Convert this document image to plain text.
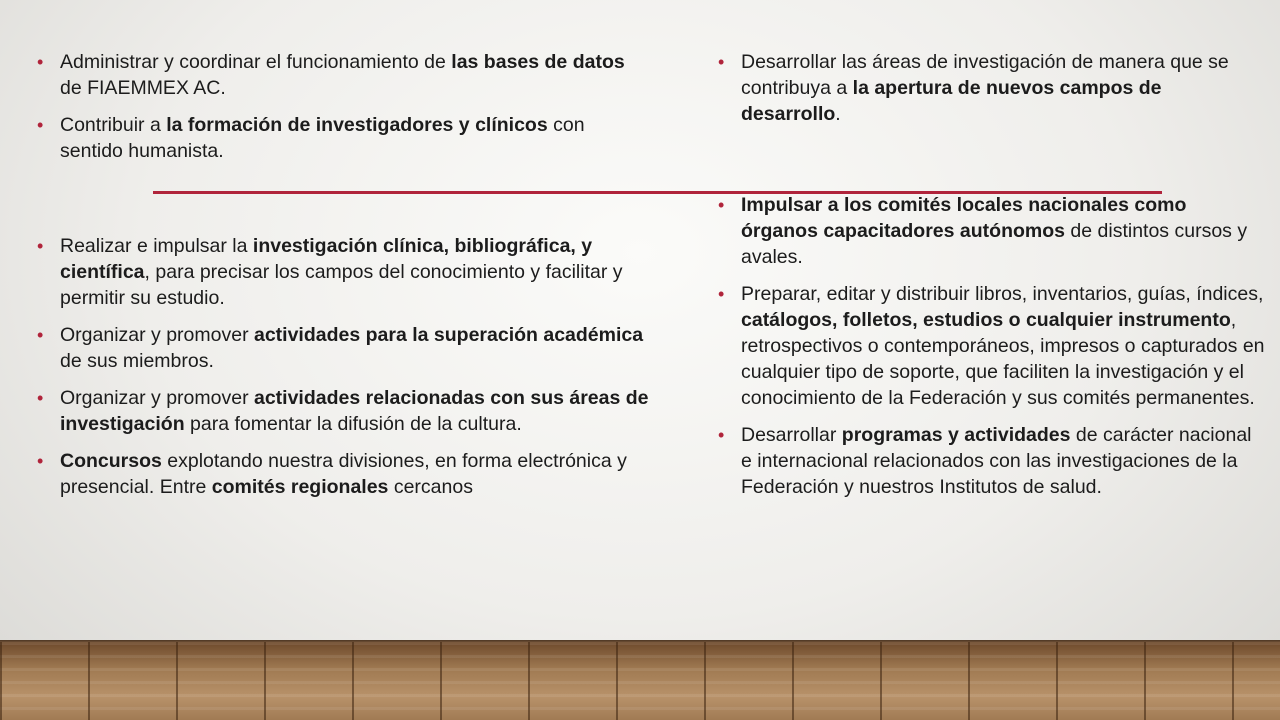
• Administrar y coordinar el funcionamiento de las bases de datos de FIAEMMEX AC.
• Contribuir a la formación de investigadores y clínicos con sentido humanista.
• Realizar e impulsar la investigación clínica, bibliográfica, y científica, para precisar los campos del conocimiento y facilitar y permitir su estudio.
• Organizar y promover actividades para la superación académica de sus miembros.
• Organizar y promover actividades relacionadas con sus áreas de investigación para fomentar la difusión de la cultura.
• Concursos explotando nuestra divisiones, en forma electrónica y presencial. Entre comités regionales cercanos
• Desarrollar las áreas de investigación de manera que se contribuya a la apertura de nuevos campos de desarrollo.
• Impulsar a los comités locales nacionales como órganos capacitadores autónomos de distintos cursos y avales.
• Preparar, editar y distribuir libros, inventarios, guías, índices, catálogos, folletos, estudios o cualquier instrumento, retrospectivos o contemporáneos, impresos o capturados en cualquier tipo de soporte, que faciliten la investigación y el conocimiento de la Federación y sus comités permanentes.
• Desarrollar programas y actividades de carácter nacional e internacional relacionados con las investigaciones de la Federación y nuestros Institutos de salud.
